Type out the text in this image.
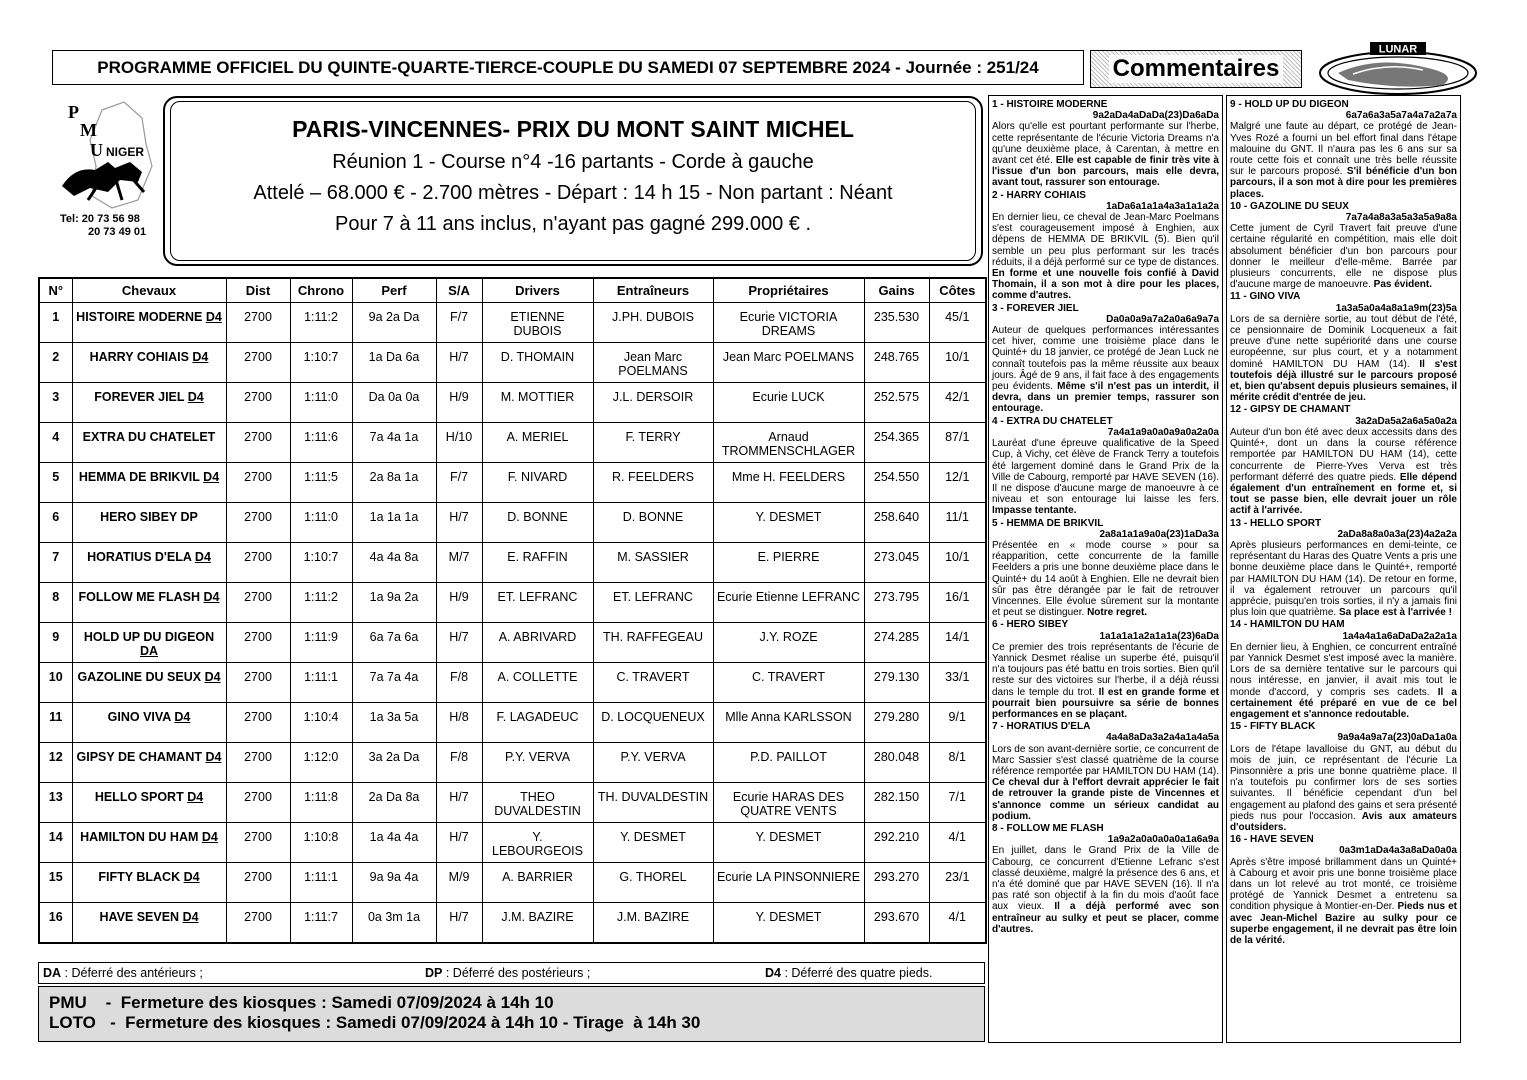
PROGRAMME OFFICIEL DU QUINTE-QUARTE-TIERCE-COUPLE DU SAMEDI 07 SEPTEMBRE 2024 - Journée : 251/24	Commentaires
LUNAR
P
M
U NIGER
Tel: 20 73 56 98
20 73 49 01
PARIS-VINCENNES- PRIX DU MONT SAINT MICHEL
Réunion 1 - Course n°4 -16 partants - Corde à gauche
Attelé – 68.000 € - 2.700 mètres - Départ : 14 h 15 - Non partant : Néant
Pour 7 à 11 ans inclus, n'ayant pas gagné 299.000 € .
N°	Chevaux	Dist	Chrono	Perf	S/A	Drivers	Entraîneurs	Propriétaires	Gains	Côtes
1	HISTOIRE MODERNE D4	2700	1:11:2	9a 2a Da	F/7	ETIENNE DUBOIS	J.PH. DUBOIS	Ecurie VICTORIA DREAMS	235.530	45/1
2	HARRY COHIAIS D4	2700	1:10:7	1a Da 6a	H/7	D. THOMAIN	Jean Marc POELMANS	Jean Marc POELMANS	248.765	10/1
3	FOREVER JIEL D4	2700	1:11:0	Da 0a 0a	H/9	M. MOTTIER	J.L. DERSOIR	Ecurie LUCK	252.575	42/1
4	EXTRA DU CHATELET	2700	1:11:6	7a 4a 1a	H/10	A. MERIEL	F. TERRY	Arnaud TROMMENSCHLAGER	254.365	87/1
5	HEMMA DE BRIKVIL D4	2700	1:11:5	2a 8a 1a	F/7	F. NIVARD	R. FEELDERS	Mme H. FEELDERS	254.550	12/1
6	HERO SIBEY DP	2700	1:11:0	1a 1a 1a	H/7	D. BONNE	D. BONNE	Y. DESMET	258.640	11/1
7	HORATIUS D'ELA D4	2700	1:10:7	4a 4a 8a	M/7	E. RAFFIN	M. SASSIER	E. PIERRE	273.045	10/1
8	FOLLOW ME FLASH D4	2700	1:11:2	1a 9a 2a	H/9	ET. LEFRANC	ET. LEFRANC	Ecurie Etienne LEFRANC	273.795	16/1
9	HOLD UP DU DIGEON DA	2700	1:11:9	6a 7a 6a	H/7	A. ABRIVARD	TH. RAFFEGEAU	J.Y. ROZE	274.285	14/1
10	GAZOLINE DU SEUX D4	2700	1:11:1	7a 7a 4a	F/8	A. COLLETTE	C. TRAVERT	C. TRAVERT	279.130	33/1
11	GINO VIVA D4	2700	1:10:4	1a 3a 5a	H/8	F. LAGADEUC	D. LOCQUENEUX	Mlle Anna KARLSSON	279.280	9/1
12	GIPSY DE CHAMANT D4	2700	1:12:0	3a 2a Da	F/8	P.Y. VERVA	P.Y. VERVA	P.D. PAILLOT	280.048	8/1
13	HELLO SPORT D4	2700	1:11:8	2a Da 8a	H/7	THEO DUVALDESTIN	TH. DUVALDESTIN	Ecurie HARAS DES QUATRE VENTS	282.150	7/1
14	HAMILTON DU HAM D4	2700	1:10:8	1a 4a 4a	H/7	Y. LEBOURGEOIS	Y. DESMET	Y. DESMET	292.210	4/1
15	FIFTY BLACK D4	2700	1:11:1	9a 9a 4a	M/9	A. BARRIER	G. THOREL	Ecurie LA PINSONNIERE	293.270	23/1
16	HAVE SEVEN D4	2700	1:11:7	0a 3m 1a	H/7	J.M. BAZIRE	J.M. BAZIRE	Y. DESMET	293.670	4/1
DA : Déferré des antérieurs ;	DP : Déferré des postérieurs ;	D4 : Déferré des quatre pieds.
PMU    -  Fermeture des kiosques : Samedi 07/09/2024 à 14h 10
LOTO   -  Fermeture des kiosques : Samedi 07/09/2024 à 14h 10 - Tirage  à 14h 30
1 - HISTOIRE MODERNE
9a2aDa4aDaDa(23)Da6aDa
Alors qu'elle est pourtant performante sur l'herbe, cette représentante de l'écurie Victoria Dreams n'a qu'une deuxième place, à Carentan, à mettre en avant cet été. Elle est capable de finir très vite à l'issue d'un bon parcours, mais elle devra, avant tout, rassurer son entourage.
2 - HARRY COHIAIS
1aDa6a1a1a4a3a1a1a2a
En dernier lieu, ce cheval de Jean-Marc Poelmans s'est courageusement imposé à Enghien, aux dépens de HEMMA DE BRIKVIL (5). Bien qu'il semble un peu plus performant sur les tracés réduits, il a déjà performé sur ce type de distances. En forme et une nouvelle fois confié à David Thomain, il a son mot à dire pour les places, comme d'autres.
3 - FOREVER JIEL
Da0a0a9a7a2a0a6a9a7a
Auteur de quelques performances intéressantes cet hiver, comme une troisième place dans le Quinté+ du 18 janvier, ce protégé de Jean Luck ne connaît toutefois pas la même réussite aux beaux jours. Âgé de 9 ans, il fait face à des engagements peu évidents. Même s'il n'est pas un interdit, il devra, dans un premier temps, rassurer son entourage.
4 - EXTRA DU CHATELET
7a4a1a9a0a0a9a0a2a0a
Lauréat d'une épreuve qualificative de la Speed Cup, à Vichy, cet élève de Franck Terry a toutefois été largement dominé dans le Grand Prix de la Ville de Cabourg, remporté par HAVE SEVEN (16). Il ne dispose d'aucune marge de manoeuvre à ce niveau et son entourage lui laisse les fers. Impasse tentante.
5 - HEMMA DE BRIKVIL
2a8a1a1a9a0a(23)1aDa3a
Présentée en « mode course » pour sa réapparition, cette concurrente de la famille Feelders a pris une bonne deuxième place dans le Quinté+ du 14 août à Enghien. Elle ne devrait bien sûr pas être dérangée par le fait de retrouver Vincennes. Elle évolue sûrement sur la montante et peut se distinguer. Notre regret.
6 - HERO SIBEY
1a1a1a1a2a1a1a(23)6aDa
Ce premier des trois représentants de l'écurie de Yannick Desmet réalise un superbe été, puisqu'il n'a toujours pas été battu en trois sorties. Bien qu'il reste sur des victoires sur l'herbe, il a déjà réussi dans le temple du trot. Il est en grande forme et pourrait bien poursuivre sa série de bonnes performances en se plaçant.
7 - HORATIUS D'ELA
4a4a8aDa3a2a4a1a4a5a
Lors de son avant-dernière sortie, ce concurrent de Marc Sassier s'est classé quatrième de la course référence remportée par HAMILTON DU HAM (14). Ce cheval dur à l'effort devrait apprécier le fait de retrouver la grande piste de Vincennes et s'annonce comme un sérieux candidat au podium.
8 - FOLLOW ME FLASH
1a9a2a0a0a0a0a1a6a9a
En juillet, dans le Grand Prix de la Ville de Cabourg, ce concurrent d'Etienne Lefranc s'est classé deuxième, malgré la présence des 6 ans, et n'a été dominé que par HAVE SEVEN (16). Il n'a pas raté son objectif à la fin du mois d'août face aux vieux. Il a déjà performé avec son entraîneur au sulky et peut se placer, comme d'autres.
9 - HOLD UP DU DIGEON
6a7a6a3a5a7a4a7a2a7a
Malgré une faute au départ, ce protégé de Jean-Yves Rozé a fourni un bel effort final dans l'étape malouine du GNT. Il n'aura pas les 6 ans sur sa route cette fois et connaît une très belle réussite sur le parcours proposé. S'il bénéficie d'un bon parcours, il a son mot à dire pour les premières places.
10 - GAZOLINE DU SEUX
7a7a4a8a3a5a3a5a9a8a
Cette jument de Cyril Travert fait preuve d'une certaine régularité en compétition, mais elle doit absolument bénéficier d'un bon parcours pour donner le meilleur d'elle-même. Barrée par plusieurs concurrents, elle ne dispose plus d'aucune marge de manoeuvre. Pas évident.
11 - GINO VIVA
1a3a5a0a4a8a1a9m(23)5a
Lors de sa dernière sortie, au tout début de l'été, ce pensionnaire de Dominik Locqueneux a fait preuve d'une nette supériorité dans une course européenne, sur plus court, et y a notamment dominé HAMILTON DU HAM (14). Il s'est toutefois déjà illustré sur le parcours proposé et, bien qu'absent depuis plusieurs semaines, il mérite crédit d'entrée de jeu.
12 - GIPSY DE CHAMANT
3a2aDa5a2a6a5a0a2a
Auteur d'un bon été avec deux accessits dans des Quinté+, dont un dans la course référence remportée par HAMILTON DU HAM (14), cette concurrente de Pierre-Yves Verva est très performant déferré des quatre pieds. Elle dépend également d'un entraînement en forme et, si tout se passe bien, elle devrait jouer un rôle actif à l'arrivée.
13 - HELLO SPORT
2aDa8a8a0a3a(23)4a2a2a
Après plusieurs performances en demi-teinte, ce représentant du Haras des Quatre Vents a pris une bonne deuxième place dans le Quinté+, remporté par HAMILTON DU HAM (14). De retour en forme, il va également retrouver un parcours qu'il apprécie, puisqu'en trois sorties, il n'y a jamais fini plus loin que quatrième. Sa place est à l'arrivée !
14 - HAMILTON DU HAM
1a4a4a1a6aDaDa2a2a1a
En dernier lieu, à Enghien, ce concurrent entraîné par Yannick Desmet s'est imposé avec la manière. Lors de sa dernière tentative sur le parcours qui nous intéresse, en janvier, il avait mis tout le monde d'accord, y compris ses cadets. Il a certainement été préparé en vue de ce bel engagement et s'annonce redoutable.
15 - FIFTY BLACK
9a9a4a9a7a(23)0aDa1a0a
Lors de l'étape lavalloise du GNT, au début du mois de juin, ce représentant de l'écurie La Pinsonnière a pris une bonne quatrième place. Il n'a toutefois pu confirmer lors de ses sorties suivantes. Il bénéficie cependant d'un bel engagement au plafond des gains et sera présenté pieds nus pour l'occasion. Avis aux amateurs d'outsiders.
16 - HAVE SEVEN
0a3m1aDa4a3a8aDa0a0a
Après s'être imposé brillamment dans un Quinté+ à Cabourg et avoir pris une bonne troisième place dans un lot relevé au trot monté, ce troisième protégé de Yannick Desmet a entretenu sa condition physique à Montier-en-Der. Pieds nus et avec Jean-Michel Bazire au sulky pour ce superbe engagement, il ne devrait pas être loin de la vérité.
